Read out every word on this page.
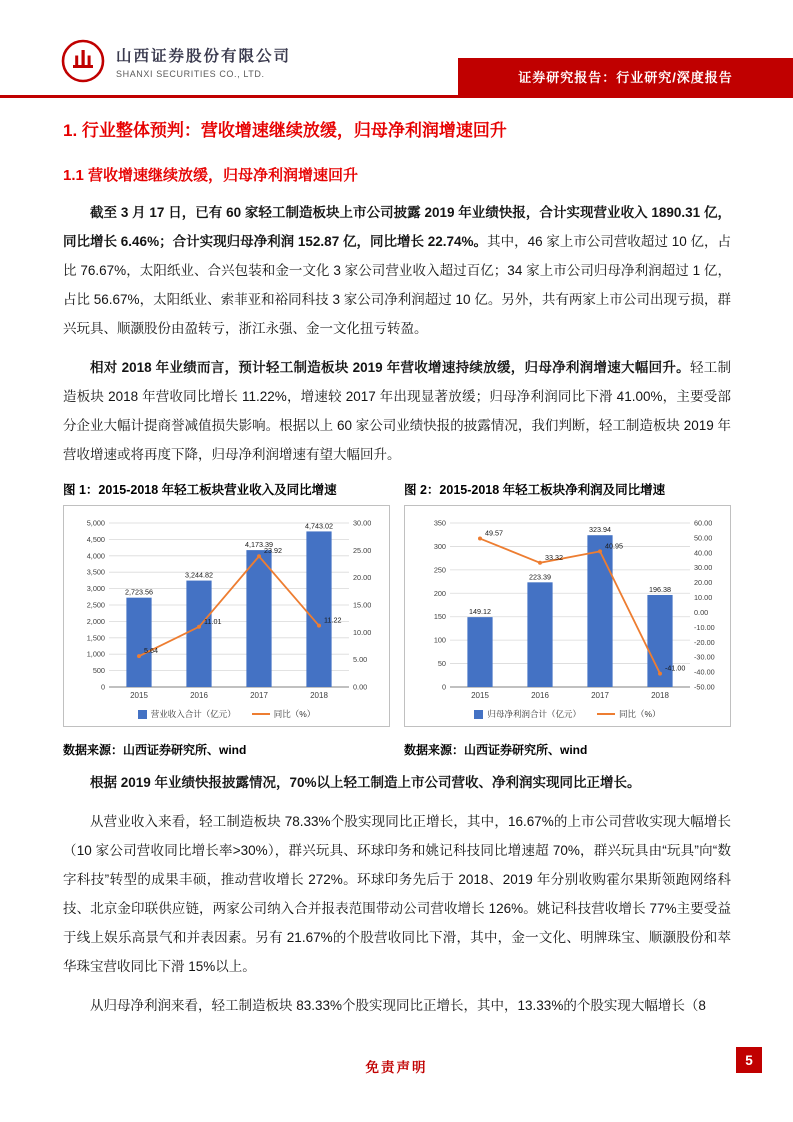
山西证券股份有限公司
SHANXI SECURITIES CO., LTD.	证券研究报告：行业研究/深度报告
1. 行业整体预判：营收增速继续放缓，归母净利润增速回升
1.1 营收增速继续放缓，归母净利润增速回升

截至 3 月 17 日，已有 60 家轻工制造板块上市公司披露 2019 年业绩快报，合计实现营业收入 1890.31 亿，同比增长 6.46%；合计实现归母净利润 152.87 亿，同比增长 22.74%。其中，46 家上市公司营收超过 10 亿，占比 76.67%，太阳纸业、合兴包装和金一文化 3 家公司营业收入超过百亿；34 家上市公司归母净利润超过 1 亿，占比 56.67%，太阳纸业、索菲亚和裕同科技 3 家公司净利润超过 10 亿。另外，共有两家上市公司出现亏损，群兴玩具、顺灏股份由盈转亏，浙江永强、金一文化扭亏转盈。

相对 2018 年业绩而言，预计轻工制造板块 2019 年营收增速持续放缓，归母净利润增速大幅回升。轻工制造板块 2018 年营收同比增长 11.22%，增速较 2017 年出现显著放缓；归母净利润同比下滑 41.00%，主要受部分企业大幅计提商誉减值损失影响。根据以上 60 家公司业绩快报的披露情况，我们判断，轻工制造板块 2019 年营收增速或将再度下降，归母净利润增速有望大幅回升。

图 1：2015-2018 年轻工板块营业收入及同比增速
0
500
1,000
1,500
2,000
2,500
3,000
3,500
4,000
4,500
5,000
0.00
5.00
10.00
15.00
20.00
25.00
30.00
2,723.56
2015
3,244.82
2016
4,173.39
2017
4,743.02
2018
5.64
11.01
23.92
11.22
营业收入合计（亿元）	同比（%）
数据来源：山西证券研究所、wind
图 2：2015-2018 年轻工板块净利润及同比增速
0
50
100
150
200
250
300
350
-50.00
-40.00
-30.00
-20.00
-10.00
0.00
10.00
20.00
30.00
40.00
50.00
60.00
149.12
2015
223.39
2016
323.94
2017
196.38
2018
49.57
33.32
40.95
-41.00
归母净利润合计（亿元）	同比（%）
数据来源：山西证券研究所、wind

根据 2019 年业绩快报披露情况，70%以上轻工制造上市公司营收、净利润实现同比正增长。

从营业收入来看，轻工制造板块 78.33%个股实现同比正增长，其中，16.67%的上市公司营收实现大幅增长（10 家公司营收同比增长率>30%），群兴玩具、环球印务和姚记科技同比增速超 70%，群兴玩具由“玩具”向“数字科技”转型的成果丰硕，推动营收增长 272%。环球印务先后于 2018、2019 年分别收购霍尔果斯领跑网络科技、北京金印联供应链，两家公司纳入合并报表范围带动公司营收增长 126%。姚记科技营收增长 77%主要受益于线上娱乐高景气和并表因素。另有 21.67%的个股营收同比下滑，其中，金一文化、明牌珠宝、顺灏股份和萃华珠宝营收同比下滑 15%以上。

从归母净利润来看，轻工制造板块 83.33%个股实现同比正增长，其中，13.33%的个股实现大幅增长（8

免责声明	5
